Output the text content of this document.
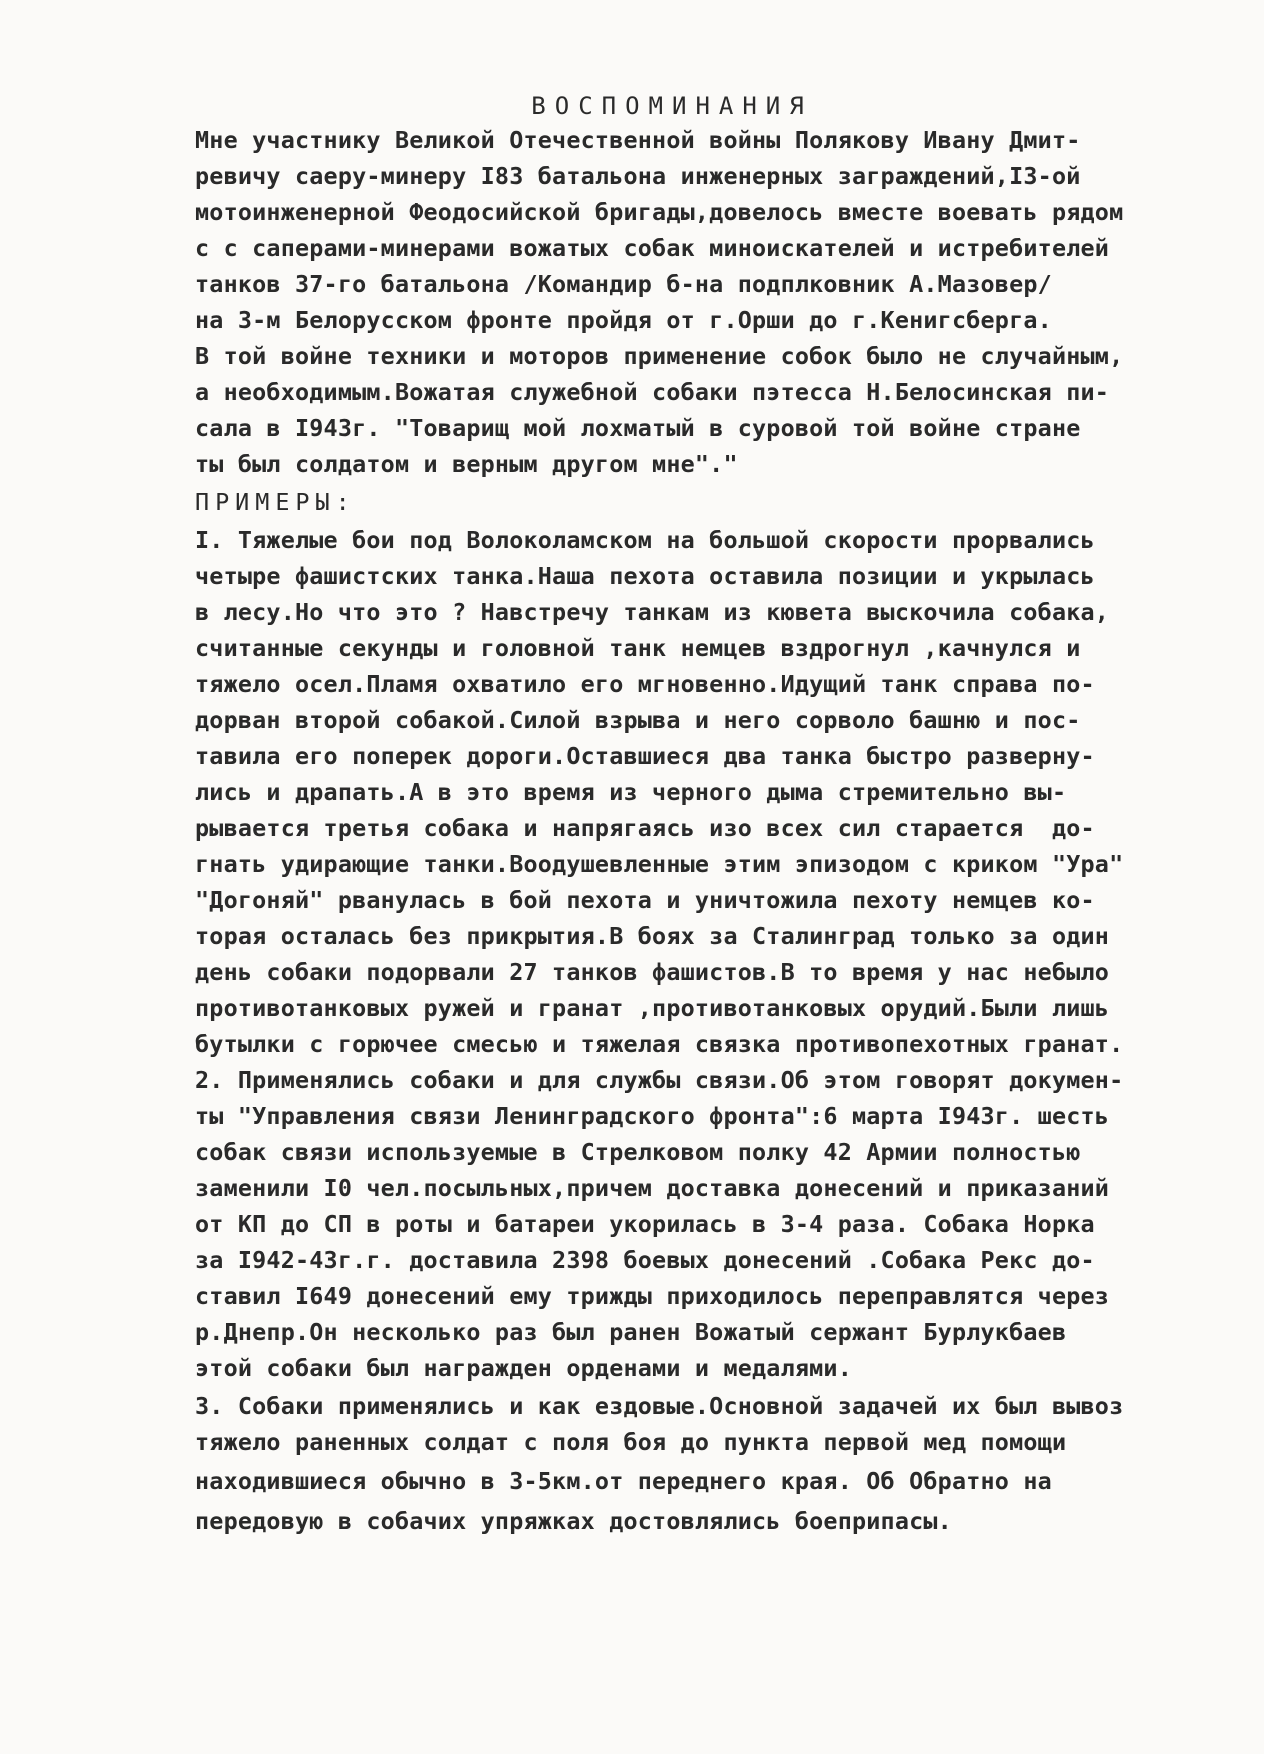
ВОСПОМИНАНИЯ
Мне участнику Великой Отечественной войны Полякову Ивану Дмит-
ревичу саеру-минеру I83 батальона инженерных заграждений,I3-ой
мотоинженерной Феодосийской бригады,довелось вместе воевать рядом
с с саперами-минерами вожатых собак миноискателей и истребителей
танков 37-го батальона /Командир б-на подплковник А.Мазовер/
на 3-м Белорусском фронте пройдя от г.Орши до г.Кенигсберга.
В той войне техники и моторов применение собок было не случайным,
а необходимым.Вожатая служебной собаки пэтесса Н.Белосинская пи-
сала в I943г. "Товарищ мой лохматый в суровой той войне стране
ты был солдатом и верным другом мне"."
ПРИМЕРЫ:
I. Тяжелые бои под Волоколамском на большой скорости прорвались
четыре фашистских танка.Наша пехота оставила позиции и укрылась
в лесу.Но что это ? Навстречу танкам из кювета выскочила собака,
считанные секунды и головной танк немцев вздрогнул ,качнулся и
тяжело осел.Пламя охватило его мгновенно.Идущий танк справа по-
дорван второй собакой.Силой взрыва и него сорволо башню и пос-
тавила его поперек дороги.Оставшиеся два танка быстро разверну-
лись и драпать.А в это время из черного дыма стремительно вы-
рывается третья собака и напрягаясь изо всех сил старается  до-
гнать удирающие танки.Воодушевленные этим эпизодом с криком "Ура"
"Догоняй" рванулась в бой пехота и уничтожила пехоту немцев ко-
торая осталась без прикрытия.В боях за Сталинград только за один
день собаки подорвали 27 танков фашистов.В то время у нас небыло
противотанковых ружей и гранат ,противотанковых орудий.Были лишь
бутылки с горючее смесью и тяжелая связка противопехотных гранат.
2. Применялись собаки и для службы связи.Об этом говорят докумен-
ты "Управления связи Ленинградского фронта":6 марта I943г. шесть
собак связи используемые в Стрелковом полку 42 Армии полностью
заменили I0 чел.посыльных,причем доставка донесений и приказаний
от КП до СП в роты и батареи укорилась в 3-4 раза. Собака Норка
за I942-43г.г. доставила 2398 боевых донесений .Собака Рекс до-
ставил I649 донесений ему трижды приходилось переправлятся через
р.Днепр.Он несколько раз был ранен Вожатый сержант Бурлукбаев
этой собаки был награжден орденами и медалями.
3. Собаки применялись и как ездовые.Основной задачей их был вывоз
тяжело раненных солдат с поля боя до пункта первой мед помощи
находившиеся обычно в 3-5км.от переднего края. Об Обратно на
передовую в собачих упряжках достовлялись боеприпасы.
